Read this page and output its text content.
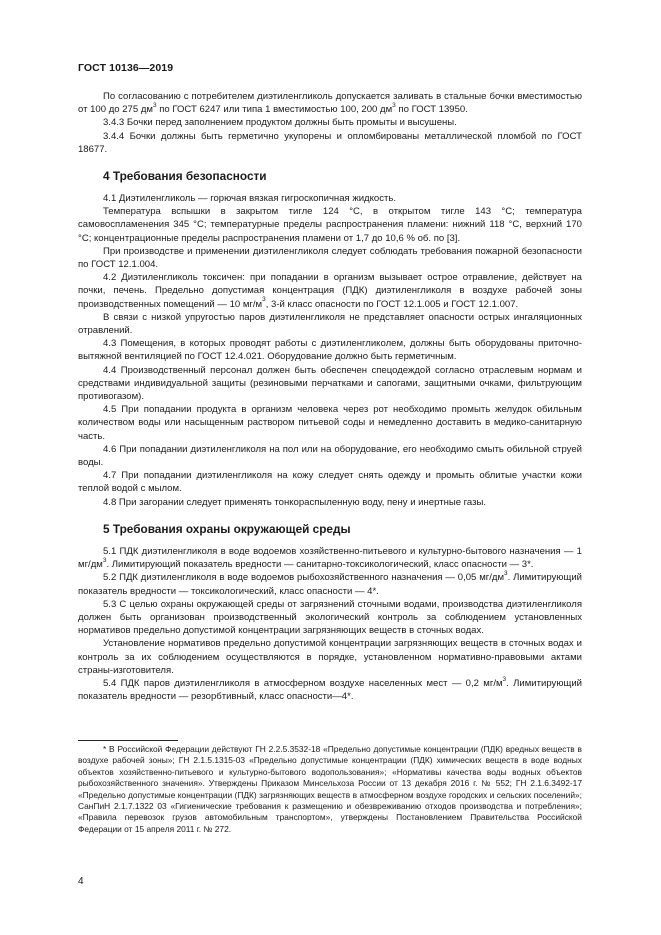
ГОСТ 10136—2019

По согласованию с потребителем диэтиленгликоль допускается заливать в стальные бочки вместимостью от 100 до 275 $дм^3$ по ГОСТ 6247 или типа 1 вместимостью 100, 200 $дм^3$ по ГОСТ 13950.

3.4.3 Бочки перед заполнением продуктом должны быть промыты и высушены.

3.4.4 Бочки должны быть герметично укупорены и опломбированы металлической пломбой по ГОСТ 18677.

4 Требования безопасности

4.1 Диэтиленгликоль — горючая вязкая гигроскопичная жидкость.

Температура вспышки в закрытом тигле 124 °С, в открытом тигле 143 °С; температура самовоспламенения 345 °С; температурные пределы распространения пламени: нижний 118 °С, верхний 170 °С; концентрационные пределы распространения пламени от 1,7 до 10,6 % об. по [3].

При производстве и применении диэтиленгликоля следует соблюдать требования пожарной безопасности по ГОСТ 12.1.004.

4.2 Диэтиленгликоль токсичен: при попадании в организм вызывает острое отравление, действует на почки, печень. Предельно допустимая концентрация (ПДК) диэтиленгликоля в воздухе рабочей зоны производственных помещений — 10 $мг/м^3$, 3-й класс опасности по ГОСТ 12.1.005 и ГОСТ 12.1.007.

В связи с низкой упругостью паров диэтиленгликоля не представляет опасности острых ингаляционных отравлений.

4.3 Помещения, в которых проводят работы с диэтиленгликолем, должны быть оборудованы приточно-вытяжной вентиляцией по ГОСТ 12.4.021. Оборудование должно быть герметичным.

4.4 Производственный персонал должен быть обеспечен спецодеждой согласно отраслевым нормам и средствами индивидуальной защиты (резиновыми перчатками и сапогами, защитными очками, фильтрующим противогазом).

4.5 При попадании продукта в организм человека через рот необходимо промыть желудок обильным количеством воды или насыщенным раствором питьевой соды и немедленно доставить в медико-санитарную часть.

4.6 При попадании диэтиленгликоля на пол или на оборудование, его необходимо смыть обильной струей воды.

4.7 При попадании диэтиленгликоля на кожу следует снять одежду и промыть облитые участки кожи теплой водой с мылом.

4.8 При загорании следует применять тонкораспыленную воду, пену и инертные газы.

5 Требования охраны окружающей среды

5.1 ПДК диэтиленгликоля в воде водоемов хозяйственно-питьевого и культурно-бытового назначения — 1 $мг/дм^3$. Лимитирующий показатель вредности — санитарно-токсикологический, класс опасности — 3*.

5.2 ПДК диэтиленгликоля в воде водоемов рыбохозяйственного назначения — 0,05 $мг/дм^3$. Лимитирующий показатель вредности — токсикологический, класс опасности — 4*.

5.3 С целью охраны окружающей среды от загрязнений сточными водами, производства диэтиленгликоля должен быть организован производственный экологический контроль за соблюдением установленных нормативов предельно допустимой концентрации загрязняющих веществ в сточных водах.

Установление нормативов предельно допустимой концентрации загрязняющих веществ в сточных водах и контроль за их соблюдением осуществляются в порядке, установленном нормативно-правовыми актами страны-изготовителя.

5.4 ПДК паров диэтиленгликоля в атмосферном воздухе населенных мест — 0,2 $мг/м^3$. Лимитирующий показатель вредности — резорбтивный, класс опасности—4*.

* В Российской Федерации действуют ГН 2.2.5.3532-18 «Предельно допустимые концентрации (ПДК) вредных веществ в воздухе рабочей зоны»; ГН 2.1.5.1315-03 «Предельно допустимые концентрации (ПДК) химических веществ в воде водных объектов хозяйственно-питьевого и культурно-бытового водопользования»; «Нормативы качества воды водных объектов рыбохозяйственного значения». Утверждены Приказом Минсельхоза России от 13 декабря 2016 г. № 552; ГН 2.1.6.3492-17 «Предельно допустимые концентрации (ПДК) загрязняющих веществ в атмосферном воздухе городских и сельских поселений»; СанПиН 2.1.7.1322 03 «Гигиенические требования к размещению и обезвреживанию отходов производства и потребления»; «Правила перевозок грузов автомобильным транспортом», утверждены Постановлением Правительства Российской Федерации от 15 апреля 2011 г. № 272.

4
